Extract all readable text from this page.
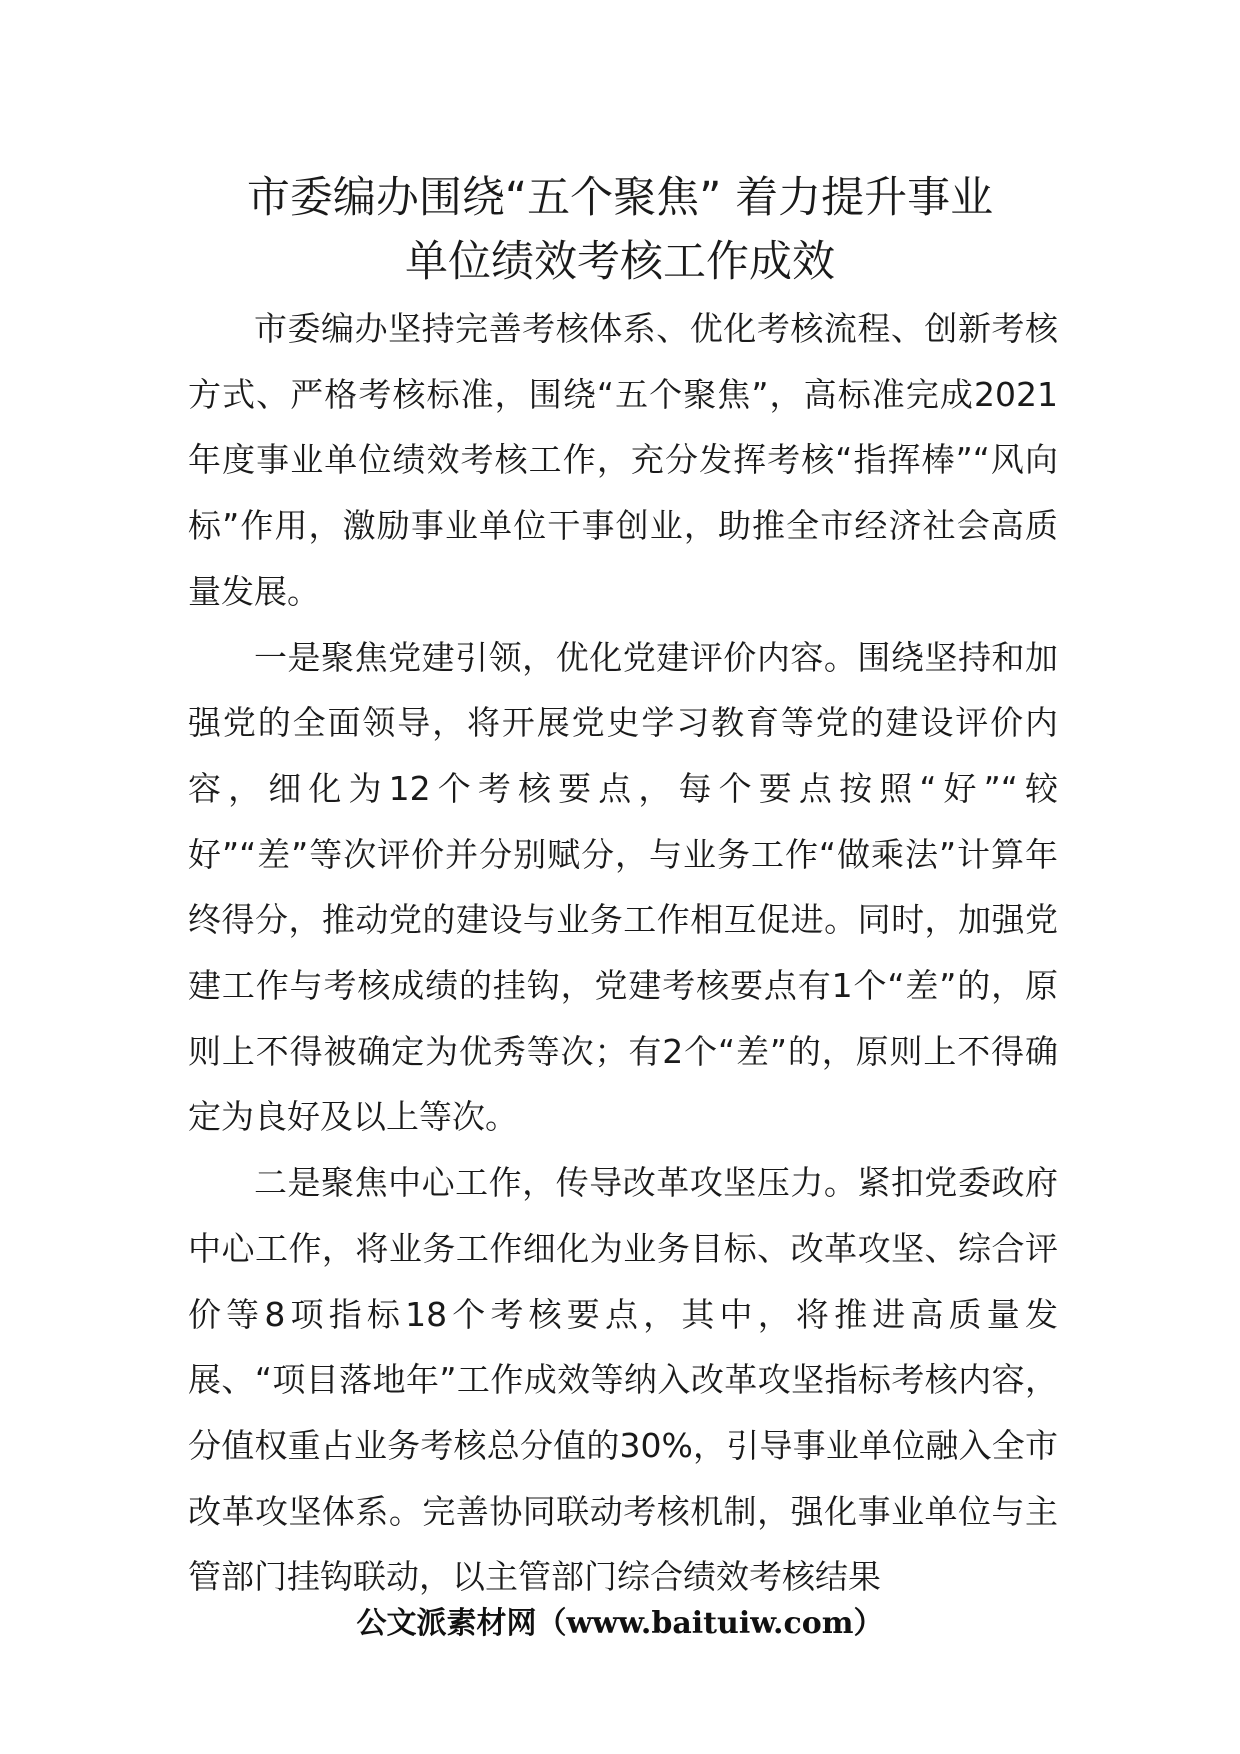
市委编办围绕“五个聚焦” 着力提升事业
单位绩效考核工作成效

市委编办坚持完善考核体系、优化考核流程、创新考核方式、严格考核标准，围绕“五个聚焦”，高标准完成2021年度事业单位绩效考核工作，充分发挥考核“指挥棒”“风向标”作用，激励事业单位干事创业，助推全市经济社会高质量发展。

一是聚焦党建引领，优化党建评价内容。围绕坚持和加强党的全面领导，将开展党史学习教育等党的建设评价内容，细化为12个考核要点，每个要点按照“好”“较好”“差”等次评价并分别赋分，与业务工作“做乘法”计算年终得分，推动党的建设与业务工作相互促进。同时，加强党建工作与考核成绩的挂钩，党建考核要点有1个“差”的，原则上不得被确定为优秀等次；有2个“差”的，原则上不得确定为良好及以上等次。

二是聚焦中心工作，传导改革攻坚压力。紧扣党委政府中心工作，将业务工作细化为业务目标、改革攻坚、综合评价等8项指标18个考核要点，其中，将推进高质量发展、“项目落地年”工作成效等纳入改革攻坚指标考核内容，分值权重占业务考核总分值的30%，引导事业单位融入全市改革攻坚体系。完善协同联动考核机制，强化事业单位与主管部门挂钩联动，以主管部门综合绩效考核结果

公文派素材网（www.baituiw.com）
